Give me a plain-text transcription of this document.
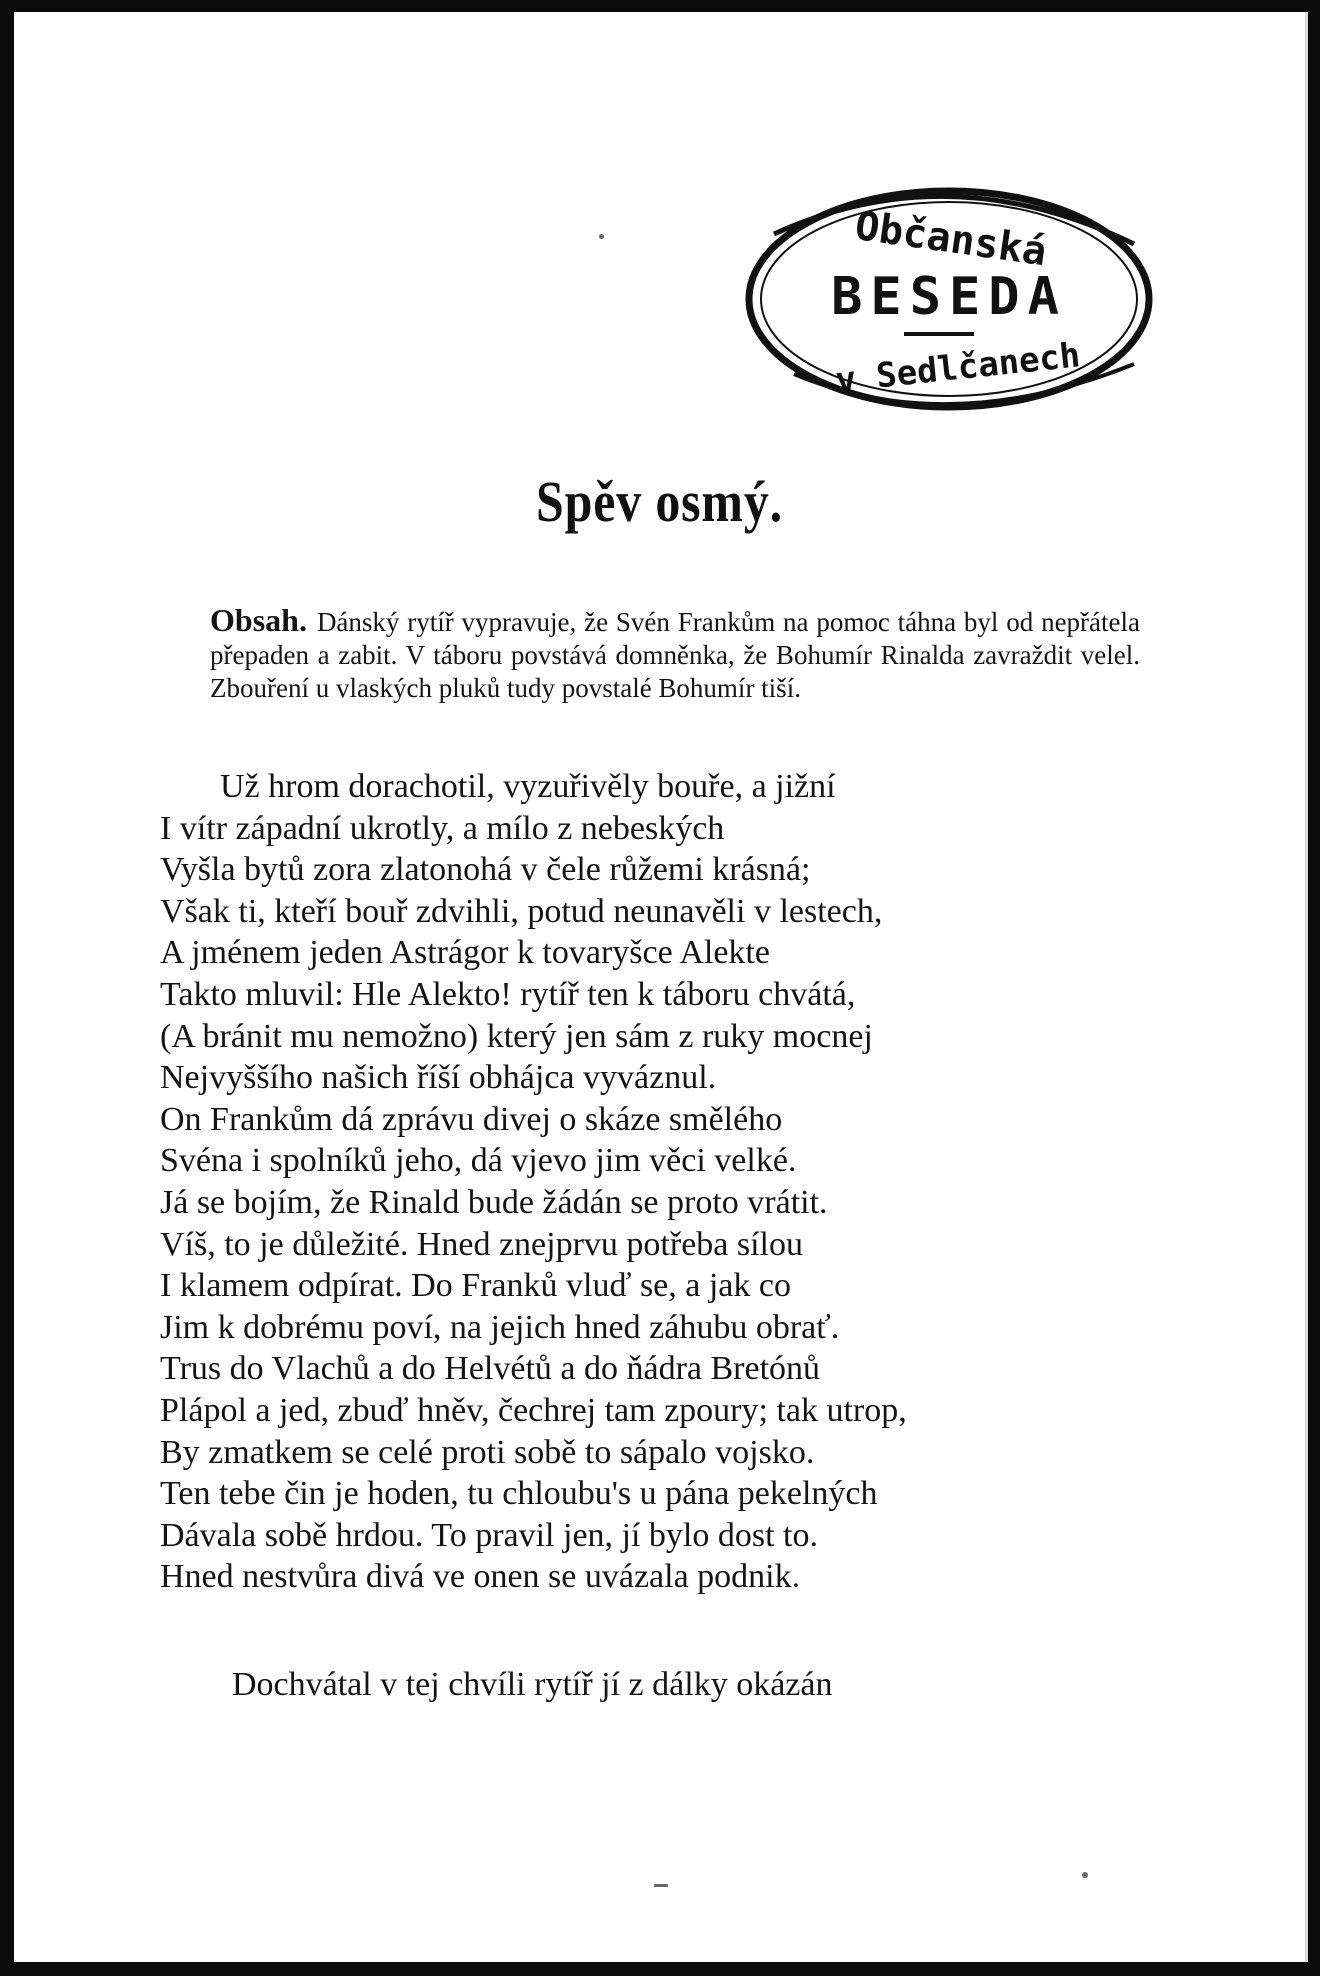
Občanská
BESEDA
v Sedlčanech
Spěv osmý.
Obsah. Dánský rytíř vypravuje, že Svén Frankům na pomoc táhna byl od nepřátela přepaden a zabit. V táboru povstává domněnka, že Bohumír Rinalda zavraždit velel. Zbouření u vlaských pluků tudy povstalé Bohumír tiší.
Už hrom dorachotil, vyzuřivěly bouře, a jižní
I vítr západní ukrotly, a mílo z nebeských
Vyšla bytů zora zlatonohá v čele růžemi krásná;
Však ti, kteří bouř zdvihli, potud neunavěli v lestech,
A jménem jeden Astrágor k tovaryšce Alekte
Takto mluvil: Hle Alekto! rytíř ten k táboru chvátá,
(A bránit mu nemožno) který jen sám z ruky mocnej
Nejvyššího našich říší obhájca vyváznul.
On Frankům dá zprávu divej o skáze smělého
Svéna i spolníků jeho, dá vjevo jim věci velké.
Já se bojím, že Rinald bude žádán se proto vrátit.
Víš, to je důležité. Hned znejprvu potřeba sílou
I klamem odpírat. Do Franků vluď se, a jak co
Jim k dobrému poví, na jejich hned záhubu obrať.
Trus do Vlachů a do Helvétů a do ňádra Bretónů
Plápol a jed, zbuď hněv, čechrej tam zpoury; tak utrop,
By zmatkem se celé proti sobě to sápalo vojsko.
Ten tebe čin je hoden, tu chloubu's u pána pekelných
Dávala sobě hrdou. To pravil jen, jí bylo dost to.
Hned nestvůra divá ve onen se uvázala podnik.
Dochvátal v tej chvíli rytíř jí z dálky okázán
